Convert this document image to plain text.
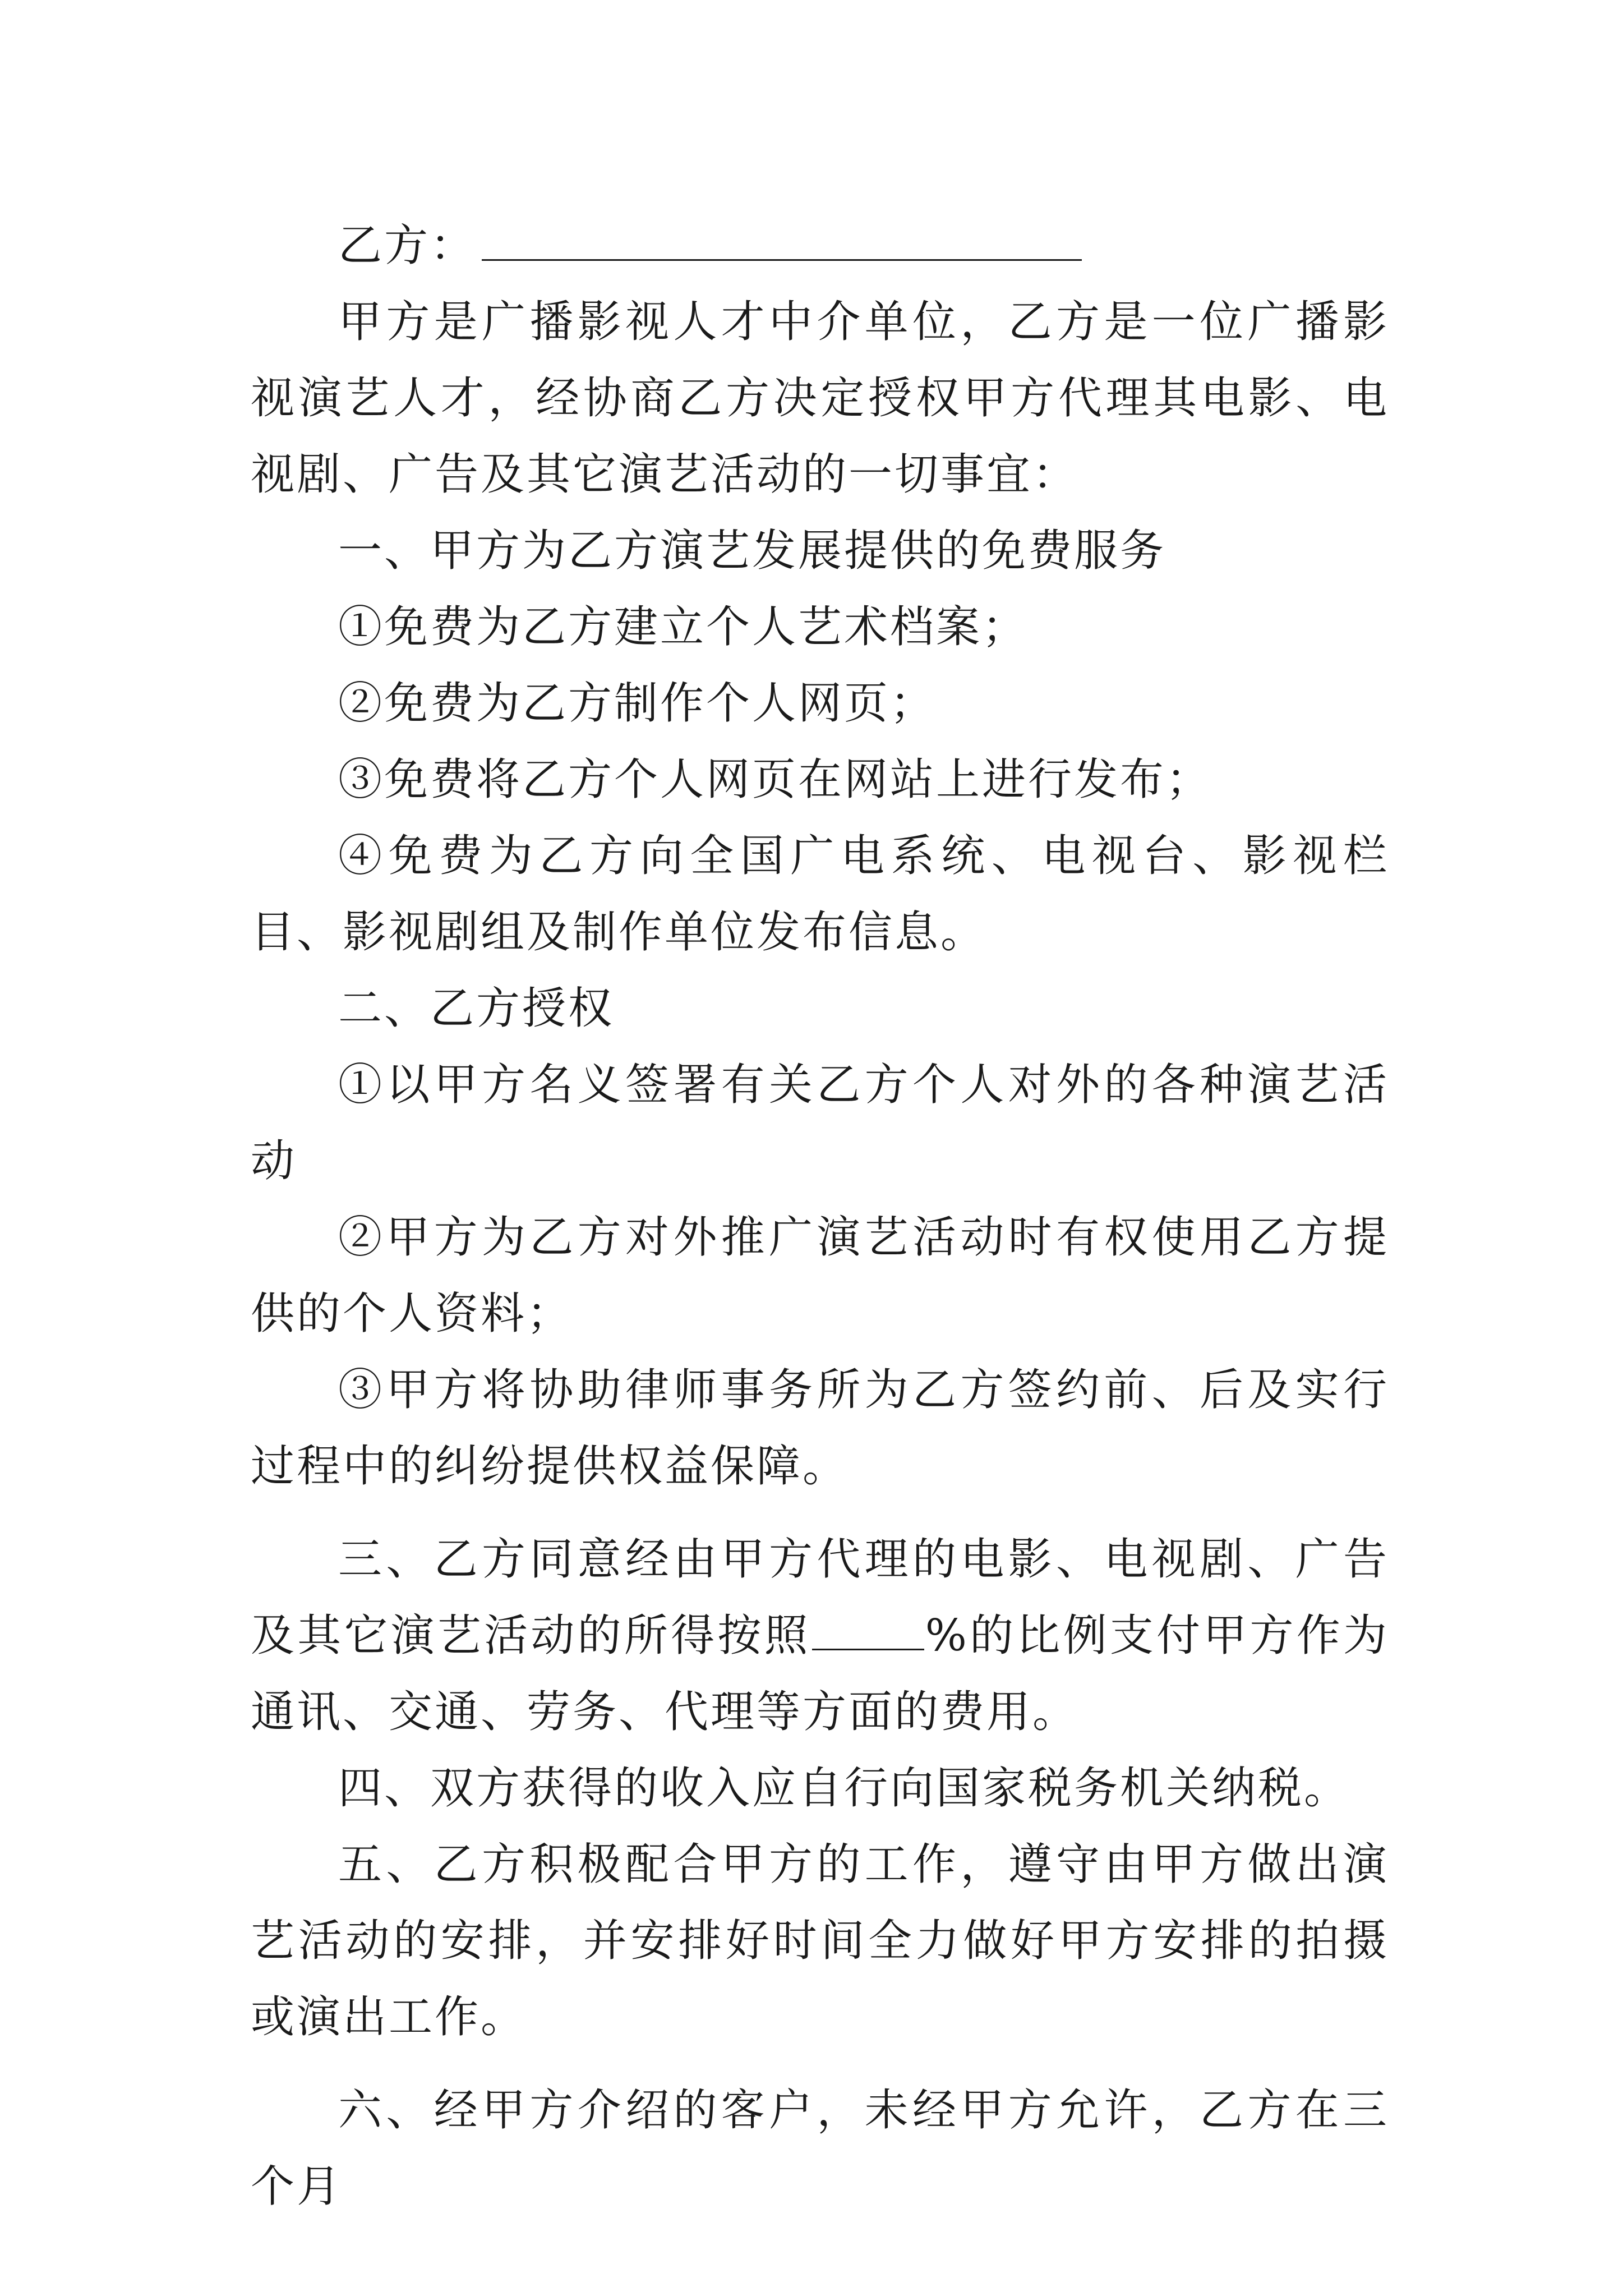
乙方：

甲方是广播影视人才中介单位，乙方是一位广播影视演艺人才，经协商乙方决定授权甲方代理其电影、电视剧、广告及其它演艺活动的一切事宜：

一、甲方为乙方演艺发展提供的免费服务

①免费为乙方建立个人艺术档案；

②免费为乙方制作个人网页；

③免费将乙方个人网页在网站上进行发布；

④免费为乙方向全国广电系统、电视台、影视栏目、影视剧组及制作单位发布信息。

二、乙方授权

①以甲方名义签署有关乙方个人对外的各种演艺活动

②甲方为乙方对外推广演艺活动时有权使用乙方提供的个人资料；

③甲方将协助律师事务所为乙方签约前、后及实行过程中的纠纷提供权益保障。

三、乙方同意经由甲方代理的电影、电视剧、广告及其它演艺活动的所得按照	%的比例支付甲方作为通讯、交通、劳务、代理等方面的费用。

四、双方获得的收入应自行向国家税务机关纳税。

五、乙方积极配合甲方的工作，遵守由甲方做出演艺活动的安排，并安排好时间全力做好甲方安排的拍摄或演出工作。

六、经甲方介绍的客户，未经甲方允许，乙方在三个月
